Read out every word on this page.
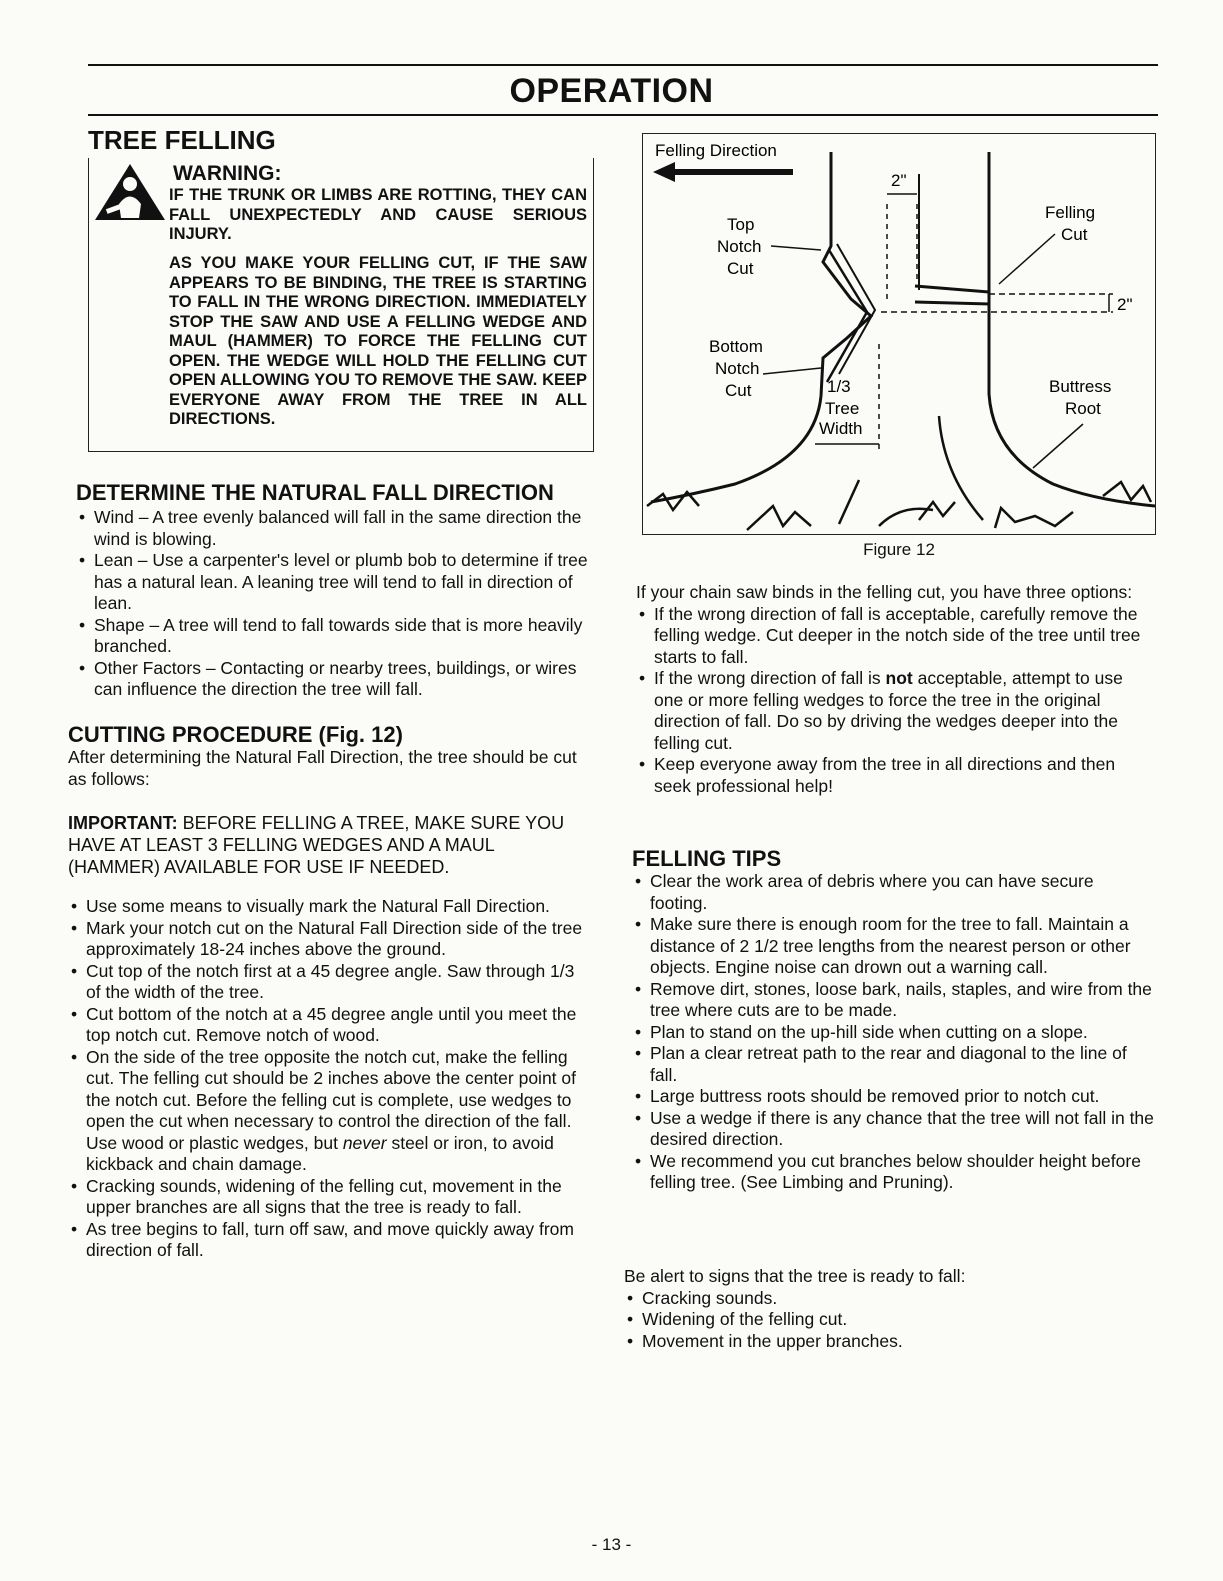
OPERATION
TREE FELLING
WARNING:
IF THE TRUNK OR LIMBS ARE ROTTING, THEY CAN FALL UNEXPECTEDLY AND CAUSE SERIOUS INJURY.
AS YOU MAKE YOUR FELLING CUT, IF THE SAW APPEARS TO BE BINDING, THE TREE IS STARTING TO FALL IN THE WRONG DIRECTION. IMMEDIATELY STOP THE SAW AND USE A FELLING WEDGE AND MAUL (HAMMER) TO FORCE THE FELLING CUT OPEN. THE WEDGE WILL HOLD THE FELLING CUT OPEN ALLOWING YOU TO REMOVE THE SAW. KEEP EVERYONE AWAY FROM THE TREE IN ALL DIRECTIONS.
DETERMINE THE NATURAL FALL DIRECTION
• Wind – A tree evenly balanced will fall in the same direction the wind is blowing.
• Lean – Use a carpenter's level or plumb bob to determine if tree has a natural lean. A leaning tree will tend to fall in direction of lean.
• Shape – A tree will tend to fall towards side that is more heavily branched.
• Other Factors – Contacting or nearby trees, buildings, or wires can influence the direction the tree will fall.
CUTTING PROCEDURE (Fig. 12)

After determining the Natural Fall Direction, the tree should be cut as follows:

IMPORTANT: BEFORE FELLING A TREE, MAKE SURE YOU HAVE AT LEAST 3 FELLING WEDGES AND A MAUL (HAMMER) AVAILABLE FOR USE IF NEEDED.

• Use some means to visually mark the Natural Fall Direction.
• Mark your notch cut on the Natural Fall Direction side of the tree approximately 18-24 inches above the ground.
• Cut top of the notch first at a 45 degree angle. Saw through 1/3 of the width of the tree.
• Cut bottom of the notch at a 45 degree angle until you meet the top notch cut. Remove notch of wood.
• On the side of the tree opposite the notch cut, make the felling cut. The felling cut should be 2 inches above the center point of the notch cut. Before the felling cut is complete, use wedges to open the cut when necessary to control the direction of the fall. Use wood or plastic wedges, but never steel or iron, to avoid kickback and chain damage.
• Cracking sounds, widening of the felling cut, movement in the upper branches are all signs that the tree is ready to fall.
• As tree begins to fall, turn off saw, and move quickly away from direction of fall.
Felling Direction
2"
2"
Top
Notch
Cut
Bottom
Notch
Cut	1/3
Tree
Width
Felling
Cut
Buttress
Root
Figure 12

If your chain saw binds in the felling cut, you have three options:

• If the wrong direction of fall is acceptable, carefully remove the felling wedge. Cut deeper in the notch side of the tree until tree starts to fall.
• If the wrong direction of fall is not acceptable, attempt to use one or more felling wedges to force the tree in the original direction of fall. Do so by driving the wedges deeper into the felling cut.
• Keep everyone away from the tree in all directions and then seek professional help!
FELLING TIPS
• Clear the work area of debris where you can have secure footing.
• Make sure there is enough room for the tree to fall. Maintain a distance of 2 1/2 tree lengths from the nearest person or other objects. Engine noise can drown out a warning call.
• Remove dirt, stones, loose bark, nails, staples, and wire from the tree where cuts are to be made.
• Plan to stand on the up-hill side when cutting on a slope.
• Plan a clear retreat path to the rear and diagonal to the line of fall.
• Large buttress roots should be removed prior to notch cut.
• Use a wedge if there is any chance that the tree will not fall in the desired direction.
• We recommend you cut branches below shoulder height before felling tree. (See Limbing and Pruning).

Be alert to signs that the tree is ready to fall:

• Cracking sounds.
• Widening of the felling cut.
• Movement in the upper branches.
- 13 -
